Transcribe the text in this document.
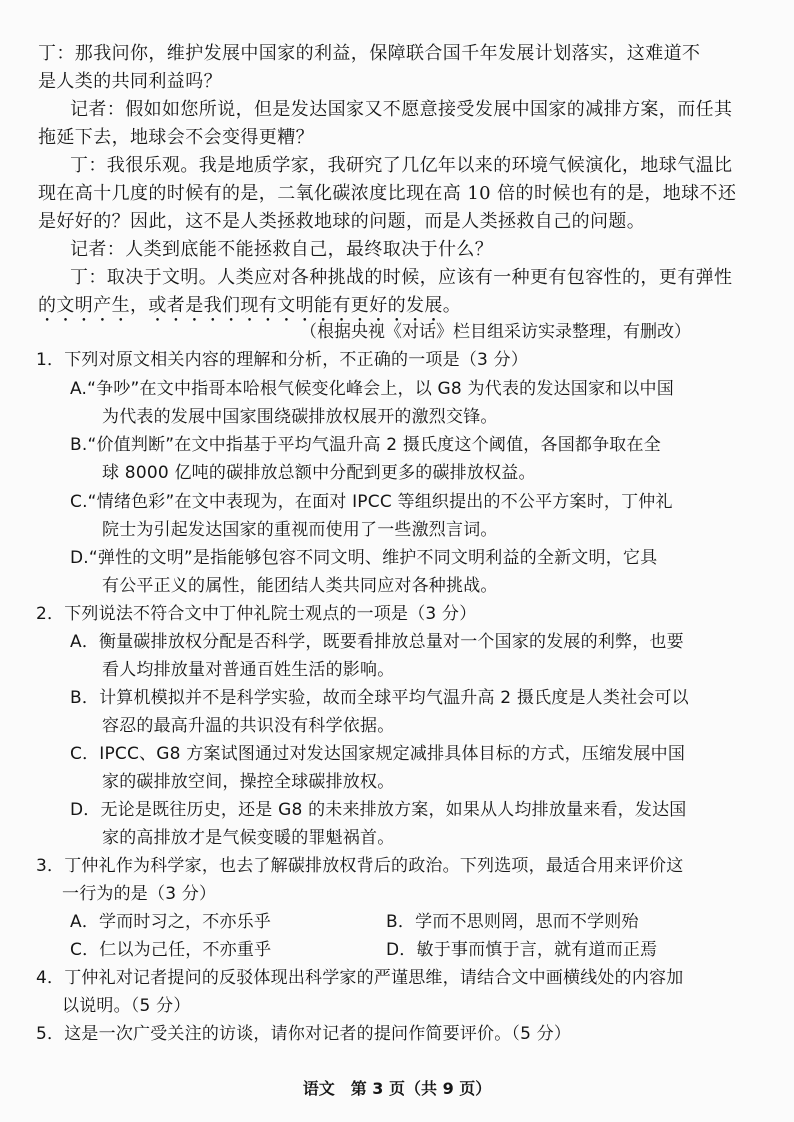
丁：那我问你，维护发展中国家的利益，保障联合国千年发展计划落实，这难道不
是人类的共同利益吗？
记者：假如如您所说，但是发达国家又不愿意接受发展中国家的减排方案，而任其
拖延下去，地球会不会变得更糟？
丁：我很乐观。我是地质学家，我研究了几亿年以来的环境气候演化，地球气温比
现在高十几度的时候有的是，二氧化碳浓度比现在高 10 倍的时候也有的是，地球不还
是好好的？因此，这不是人类拯救地球的问题，而是人类拯救自己的问题。
记者：人类到底能不能拯救自己，最终取决于什么？
丁：取决于文明。人类应对各种挑战的时候，应该有一种更有包容性的，更有弹性
的文明产生，或者是我们现有文明能有更好的发展。
（根据央视《对话》栏目组采访实录整理，有删改）
1．下列对原文相关内容的理解和分析，不正确的一项是（3 分）
A.“争吵”在文中指哥本哈根气候变化峰会上，以 G8 为代表的发达国家和以中国
为代表的发展中国家围绕碳排放权展开的激烈交锋。
B.“价值判断”在文中指基于平均气温升高 2 摄氏度这个阈值，各国都争取在全
球 8000 亿吨的碳排放总额中分配到更多的碳排放权益。
C.“情绪色彩”在文中表现为，在面对 IPCC 等组织提出的不公平方案时，丁仲礼
院士为引起发达国家的重视而使用了一些激烈言词。
D.“弹性的文明”是指能够包容不同文明、维护不同文明利益的全新文明，它具
有公平正义的属性，能团结人类共同应对各种挑战。
2．下列说法不符合文中丁仲礼院士观点的一项是（3 分）
A．衡量碳排放权分配是否科学，既要看排放总量对一个国家的发展的利弊，也要
看人均排放量对普通百姓生活的影响。
B．计算机模拟并不是科学实验，故而全球平均气温升高 2 摄氏度是人类社会可以
容忍的最高升温的共识没有科学依据。
C．IPCC、G8 方案试图通过对发达国家规定减排具体目标的方式，压缩发展中国
家的碳排放空间，操控全球碳排放权。
D．无论是既往历史，还是 G8 的未来排放方案，如果从人均排放量来看，发达国
家的高排放才是气候变暖的罪魁祸首。
3．丁仲礼作为科学家，也去了解碳排放权背后的政治。下列选项，最适合用来评价这
一行为的是（3 分）
A．学而时习之，不亦乐乎	B．学而不思则罔，思而不学则殆
C．仁以为己任，不亦重乎	D．敏于事而慎于言，就有道而正焉
4．丁仲礼对记者提问的反驳体现出科学家的严谨思维，请结合文中画横线处的内容加
以说明。（5 分）
5．这是一次广受关注的访谈，请你对记者的提问作简要评价。（5 分）
语文　第 3 页（共 9 页）
